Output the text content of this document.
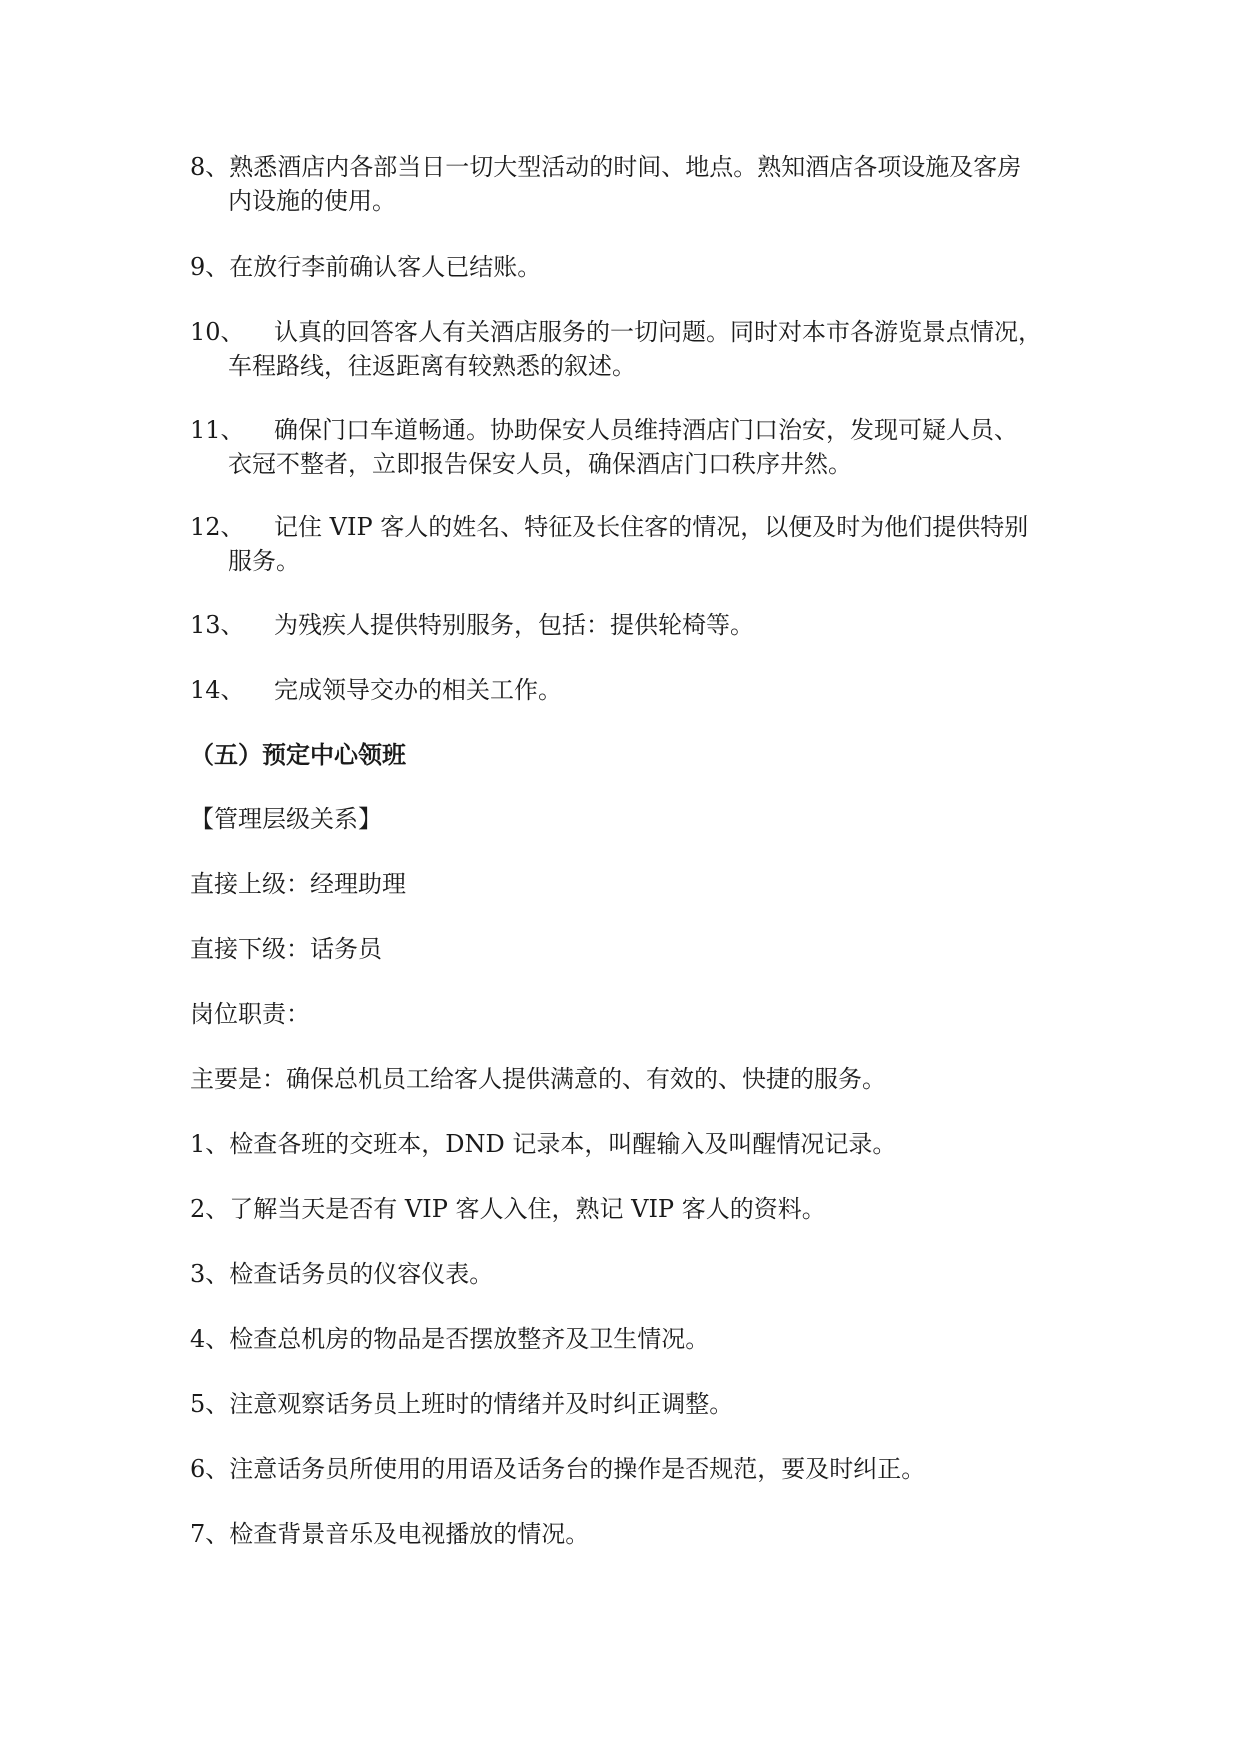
8、熟悉酒店内各部当日一切大型活动的时间、地点。熟知酒店各项设施及客房
内设施的使用。

9、在放行李前确认客人已结账。

10、 认真的回答客人有关酒店服务的一切问题。同时对本市各游览景点情况，
车程路线，往返距离有较熟悉的叙述。

11、 确保门口车道畅通。协助保安人员维持酒店门口治安，发现可疑人员、
衣冠不整者，立即报告保安人员，确保酒店门口秩序井然。

12、 记住 VIP 客人的姓名、特征及长住客的情况，以便及时为他们提供特别
服务。

13、 为残疾人提供特别服务，包括：提供轮椅等。

14、 完成领导交办的相关工作。

（五）预定中心领班

【管理层级关系】

直接上级：经理助理

直接下级：话务员

岗位职责：

主要是：确保总机员工给客人提供满意的、有效的、快捷的服务。

1、检查各班的交班本，DND 记录本，叫醒输入及叫醒情况记录。

2、了解当天是否有 VIP 客人入住，熟记 VIP 客人的资料。

3、检查话务员的仪容仪表。

4、检查总机房的物品是否摆放整齐及卫生情况。

5、注意观察话务员上班时的情绪并及时纠正调整。

6、注意话务员所使用的用语及话务台的操作是否规范，要及时纠正。

7、检查背景音乐及电视播放的情况。
